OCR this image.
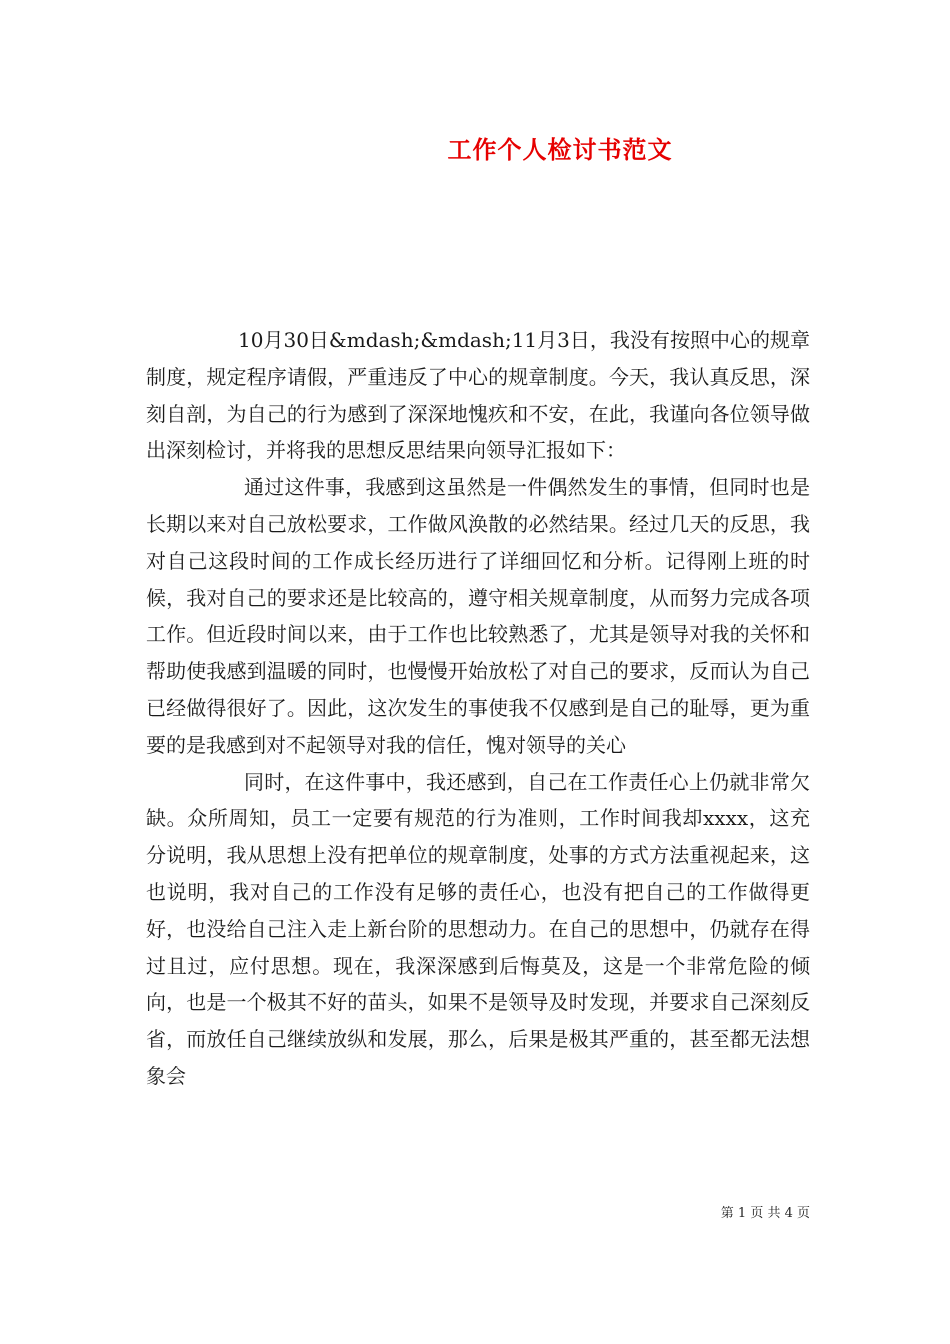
工作个人检讨书范文

10月30日&mdash;&mdash;11月3日，我没有按照中心的规章制度，规定程序请假，严重违反了中心的规章制度。今天，我认真反思，深刻自剖，为自己的行为感到了深深地愧疚和不安，在此，我谨向各位领导做出深刻检讨，并将我的思想反思结果向领导汇报如下：

通过这件事，我感到这虽然是一件偶然发生的事情，但同时也是长期以来对自己放松要求，工作做风涣散的必然结果。经过几天的反思，我对自己这段时间的工作成长经历进行了详细回忆和分析。记得刚上班的时候，我对自己的要求还是比较高的，遵守相关规章制度，从而努力完成各项工作。但近段时间以来，由于工作也比较熟悉了，尤其是领导对我的关怀和帮助使我感到温暖的同时，也慢慢开始放松了对自己的要求，反而认为自己已经做得很好了。因此，这次发生的事使我不仅感到是自己的耻辱，更为重要的是我感到对不起领导对我的信任，愧对领导的关心

同时，在这件事中，我还感到，自己在工作责任心上仍就非常欠缺。众所周知，员工一定要有规范的行为准则，工作时间我却xxxx，这充分说明，我从思想上没有把单位的规章制度，处事的方式方法重视起来，这也说明，我对自己的工作没有足够的责任心，也没有把自己的工作做得更好，也没给自己注入走上新台阶的思想动力。在自己的思想中，仍就存在得过且过，应付思想。现在，我深深感到后悔莫及，这是一个非常危险的倾向，也是一个极其不好的苗头，如果不是领导及时发现，并要求自己深刻反省，而放任自己继续放纵和发展，那么，后果是极其严重的，甚至都无法想象会

第 1 页 共 4 页
